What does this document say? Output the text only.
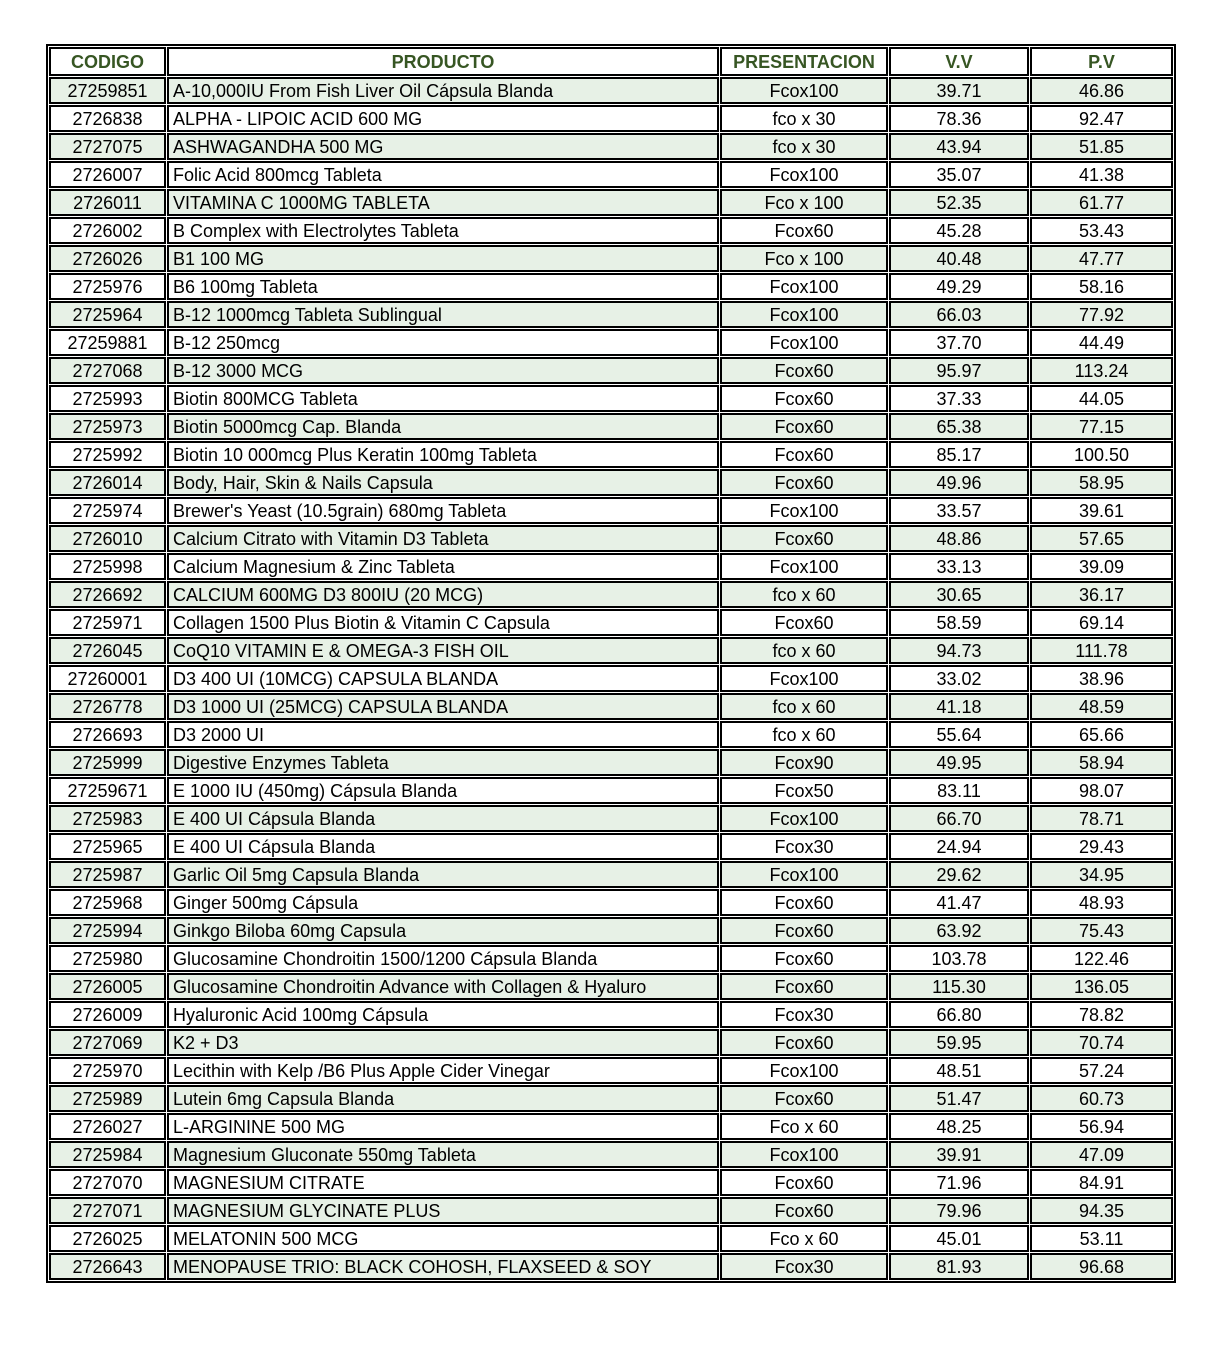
CODIGO	PRODUCTO	PRESENTACION	V.V	P.V
27259851	A-10,000IU From Fish Liver Oil Cápsula Blanda	Fcox100	39.71	46.86
2726838	ALPHA - LIPOIC ACID 600 MG	fco x 30	78.36	92.47
2727075	ASHWAGANDHA 500 MG	fco x 30	43.94	51.85
2726007	Folic Acid 800mcg Tableta	Fcox100	35.07	41.38
2726011	VITAMINA C 1000MG TABLETA	Fco x 100	52.35	61.77
2726002	B Complex with Electrolytes Tableta	Fcox60	45.28	53.43
2726026	B1 100 MG	Fco x 100	40.48	47.77
2725976	B6 100mg Tableta	Fcox100	49.29	58.16
2725964	B-12 1000mcg Tableta Sublingual	Fcox100	66.03	77.92
27259881	B-12 250mcg	Fcox100	37.70	44.49
2727068	B-12 3000 MCG	Fcox60	95.97	113.24
2725993	Biotin 800MCG Tableta	Fcox60	37.33	44.05
2725973	Biotin 5000mcg Cap. Blanda	Fcox60	65.38	77.15
2725992	Biotin 10 000mcg Plus Keratin 100mg Tableta	Fcox60	85.17	100.50
2726014	Body, Hair, Skin & Nails Capsula	Fcox60	49.96	58.95
2725974	Brewer's Yeast (10.5grain) 680mg Tableta	Fcox100	33.57	39.61
2726010	Calcium Citrato with Vitamin D3 Tableta	Fcox60	48.86	57.65
2725998	Calcium Magnesium & Zinc Tableta	Fcox100	33.13	39.09
2726692	CALCIUM 600MG D3 800IU (20 MCG)	fco x 60	30.65	36.17
2725971	Collagen 1500 Plus Biotin & Vitamin C Capsula	Fcox60	58.59	69.14
2726045	CoQ10 VITAMIN E & OMEGA-3 FISH OIL	fco x 60	94.73	111.78
27260001	D3 400 UI (10MCG) CAPSULA BLANDA	Fcox100	33.02	38.96
2726778	D3 1000 UI (25MCG) CAPSULA BLANDA	fco x 60	41.18	48.59
2726693	D3 2000 UI	fco x 60	55.64	65.66
2725999	Digestive Enzymes Tableta	Fcox90	49.95	58.94
27259671	E 1000 IU (450mg) Cápsula Blanda	Fcox50	83.11	98.07
2725983	E 400 UI Cápsula Blanda	Fcox100	66.70	78.71
2725965	E 400 UI Cápsula Blanda	Fcox30	24.94	29.43
2725987	Garlic Oil 5mg Capsula Blanda	Fcox100	29.62	34.95
2725968	Ginger 500mg Cápsula	Fcox60	41.47	48.93
2725994	Ginkgo Biloba 60mg Capsula	Fcox60	63.92	75.43
2725980	Glucosamine Chondroitin 1500/1200 Cápsula Blanda	Fcox60	103.78	122.46
2726005	Glucosamine Chondroitin Advance with Collagen & Hyaluro	Fcox60	115.30	136.05
2726009	Hyaluronic Acid 100mg Cápsula	Fcox30	66.80	78.82
2727069	K2 + D3	Fcox60	59.95	70.74
2725970	Lecithin with Kelp /B6 Plus Apple Cider Vinegar	Fcox100	48.51	57.24
2725989	Lutein 6mg Capsula Blanda	Fcox60	51.47	60.73
2726027	L-ARGININE 500 MG	Fco x 60	48.25	56.94
2725984	Magnesium Gluconate 550mg Tableta	Fcox100	39.91	47.09
2727070	MAGNESIUM CITRATE	Fcox60	71.96	84.91
2727071	MAGNESIUM GLYCINATE PLUS	Fcox60	79.96	94.35
2726025	MELATONIN 500 MCG	Fco x 60	45.01	53.11
2726643	MENOPAUSE TRIO: BLACK COHOSH, FLAXSEED & SOY	Fcox30	81.93	96.68
